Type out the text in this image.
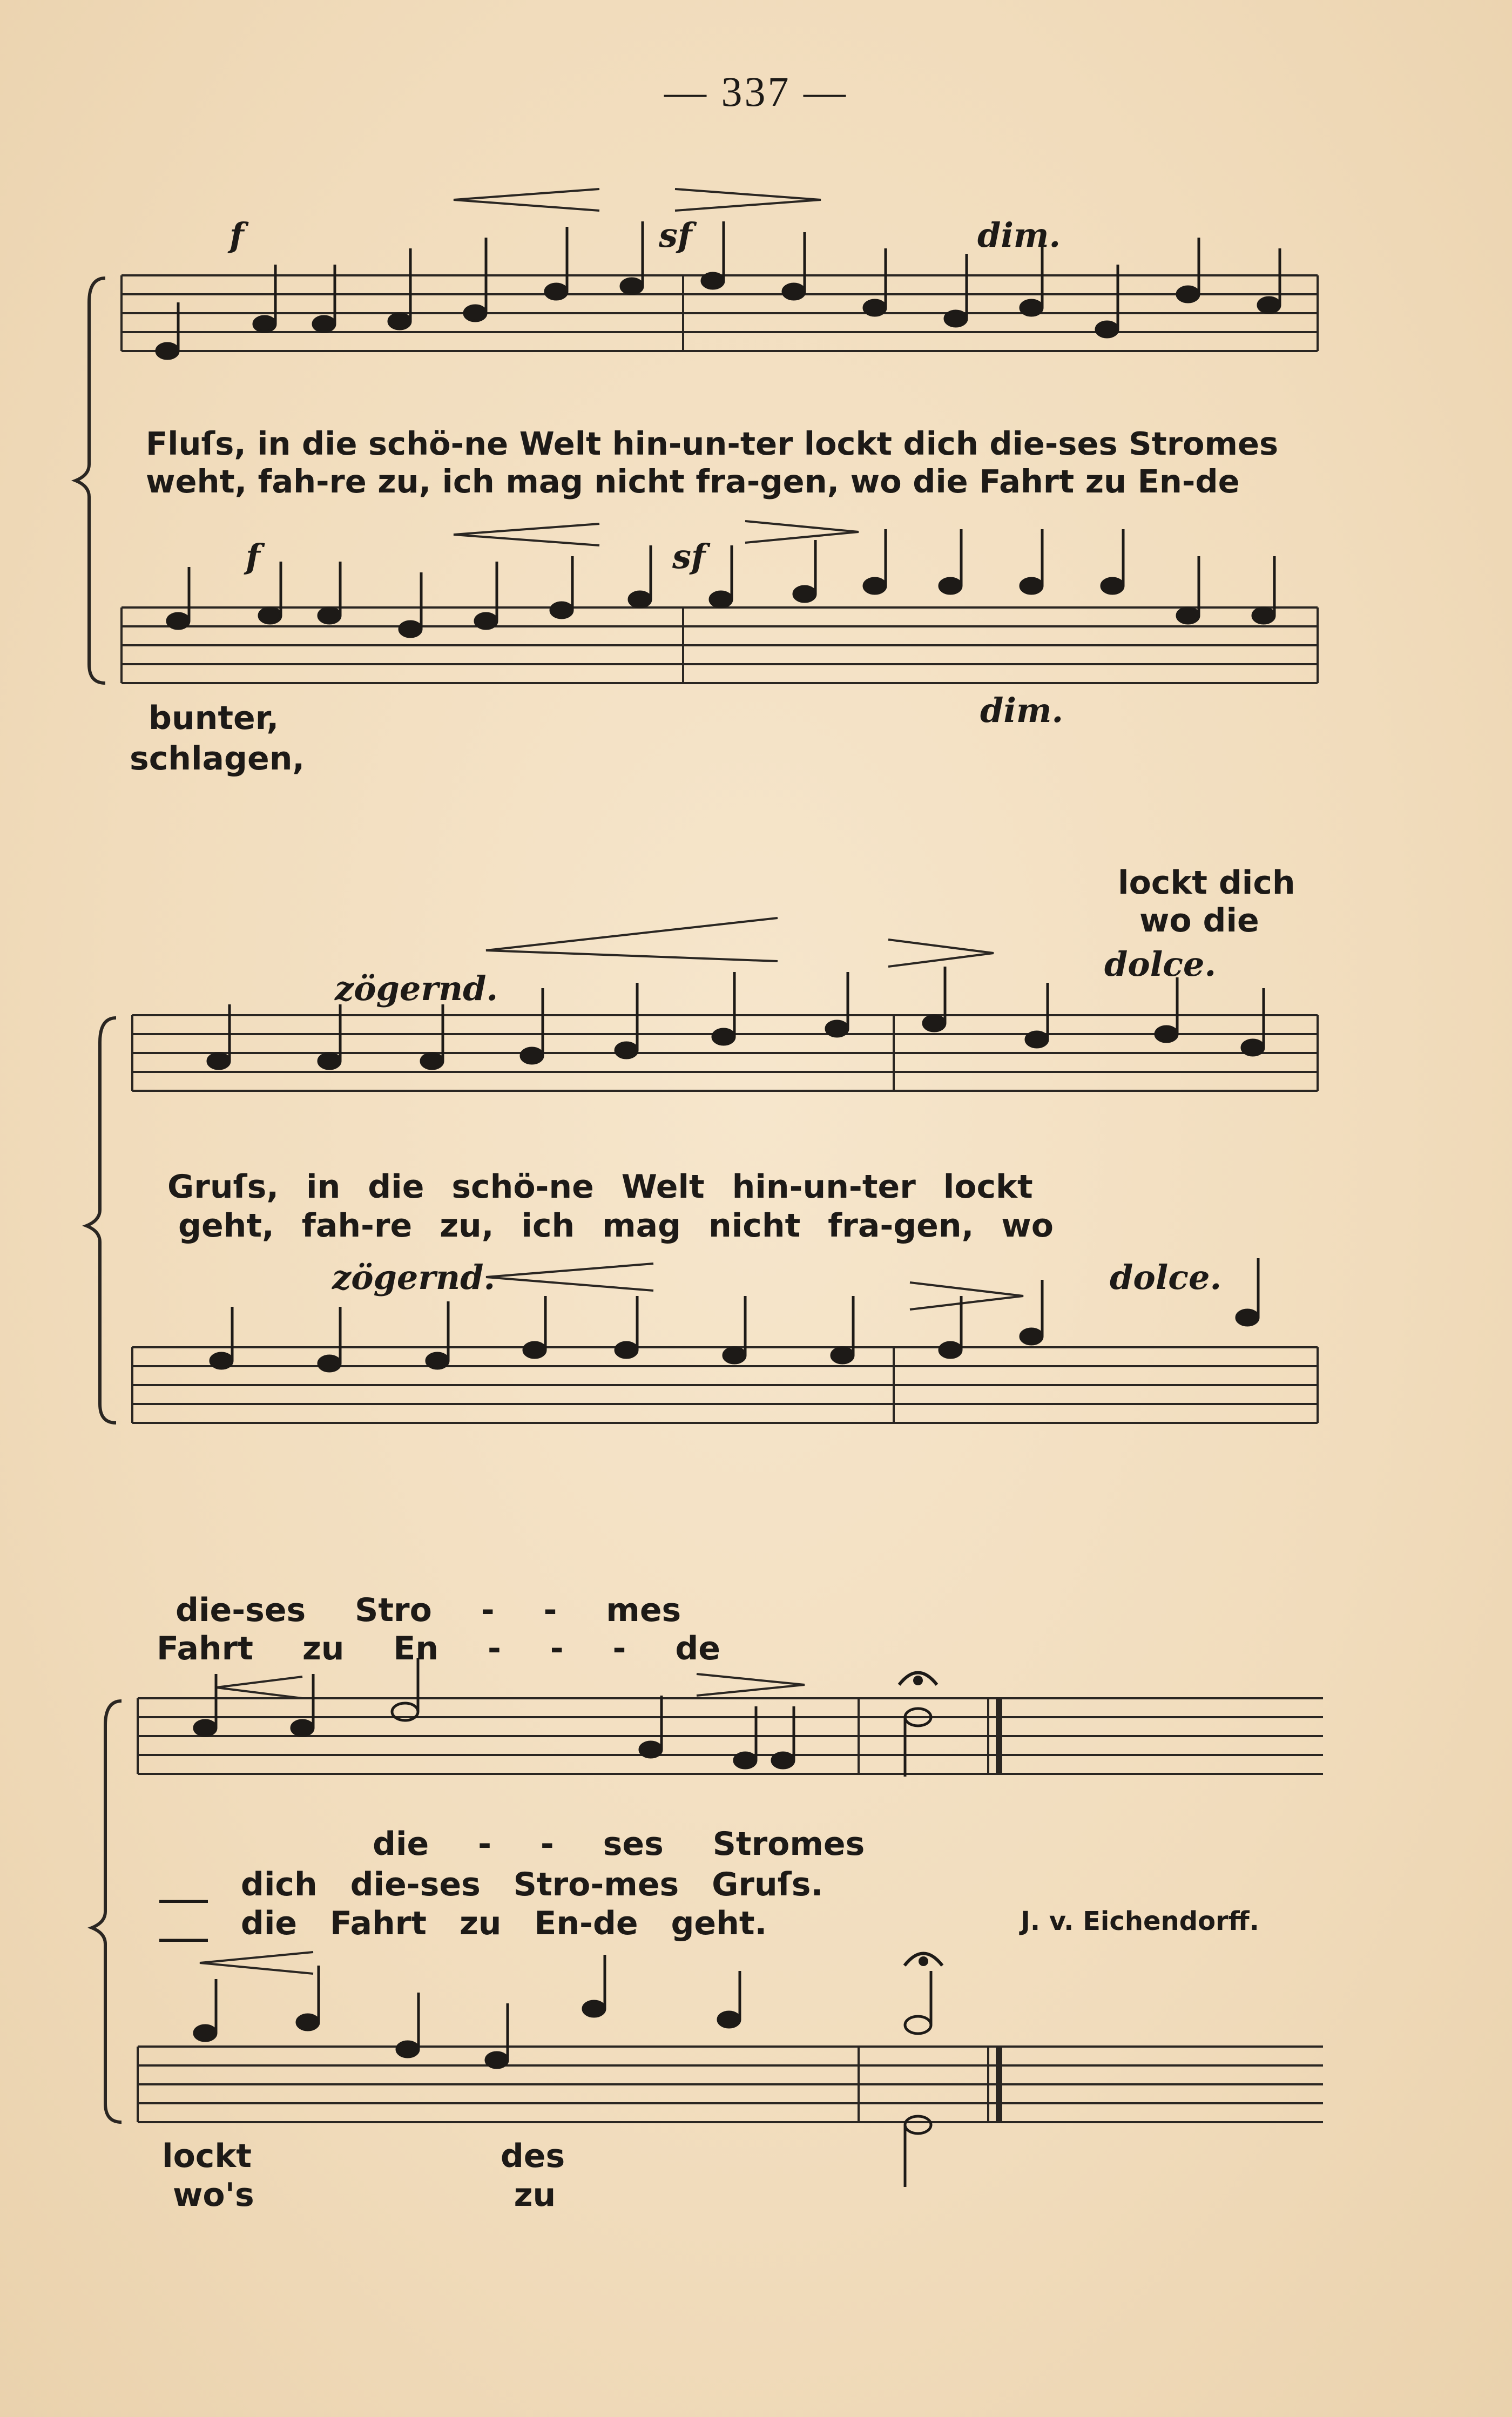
— 337 —
f	sf	dim.
Fluſs, in die schö-ne Welt hin-un-ter lockt dich die-ses Stromes
weht, fah-re zu, ich mag nicht fra-gen, wo die Fahrt zu En-de
f	sf
dim.
bunter,
schlagen,
lockt dich
wo die
zögernd.
dolce.
Gruſs, in die schö-ne Welt hin-un-ter lockt
geht, fah-re zu, ich mag nicht fra-gen, wo
zögernd.	dolce.
die-ses Stro - - mes
Fahrt zu En - - - de
die - - ses Stromes
___ dich die-ses Stro-mes Gruſs.
___ die Fahrt zu En-de geht.	J. v. Eichendorff.
lockt des
wo's zu
